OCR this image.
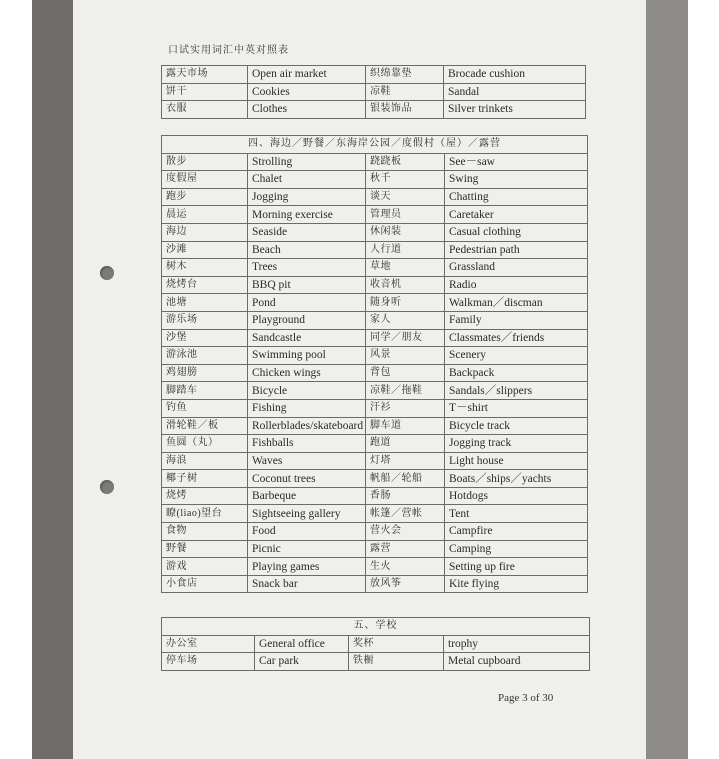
口试实用词汇中英对照表
露天市场	Open air market	织绵靠垫	Brocade cushion
饼干	Cookies	凉鞋	Sandal
衣服	Clothes	银装饰品	Silver trinkets
四、海边／野餐／东海岸公园／度假村（屋）／露营			
散步	Strolling	跷跷板	See－saw
度假屋	Chalet	秋千	Swing
跑步	Jogging	谈天	Chatting
晨运	Morning exercise	管理员	Caretaker
海边	Seaside	休闲装	Casual clothing
沙滩	Beach	人行道	Pedestrian path
树木	Trees	草地	Grassland
烧烤台	BBQ pit	收音机	Radio
池塘	Pond	随身听	Walkman／discman
游乐场	Playground	家人	Family
沙堡	Sandcastle	同学／朋友	Classmates／friends
游泳池	Swimming pool	风景	Scenery
鸡翅膀	Chicken wings	背包	Backpack
脚踏车	Bicycle	凉鞋／拖鞋	Sandals／slippers
钓鱼	Fishing	汗衫	T－shirt
滑轮鞋／板	Rollerblades/skateboard	脚车道	Bicycle track
鱼圆（丸）	Fishballs	跑道	Jogging track
海浪	Waves	灯塔	Light house
椰子树	Coconut trees	帆船／轮船	Boats／ships／yachts
烧烤	Barbeque	香肠	Hotdogs
瞭(liao)望台	Sightseeing gallery	帐篷／营帐	Tent
食物	Food	营火会	Campfire
野餐	Picnic	露营	Camping
游戏	Playing games	生火	Setting up fire
小食店	Snack bar	放风筝	Kite flying
五、学校			
办公室	General office	奖杯	trophy
停车场	Car park	铁橱	Metal cupboard
Page 3 of 30
